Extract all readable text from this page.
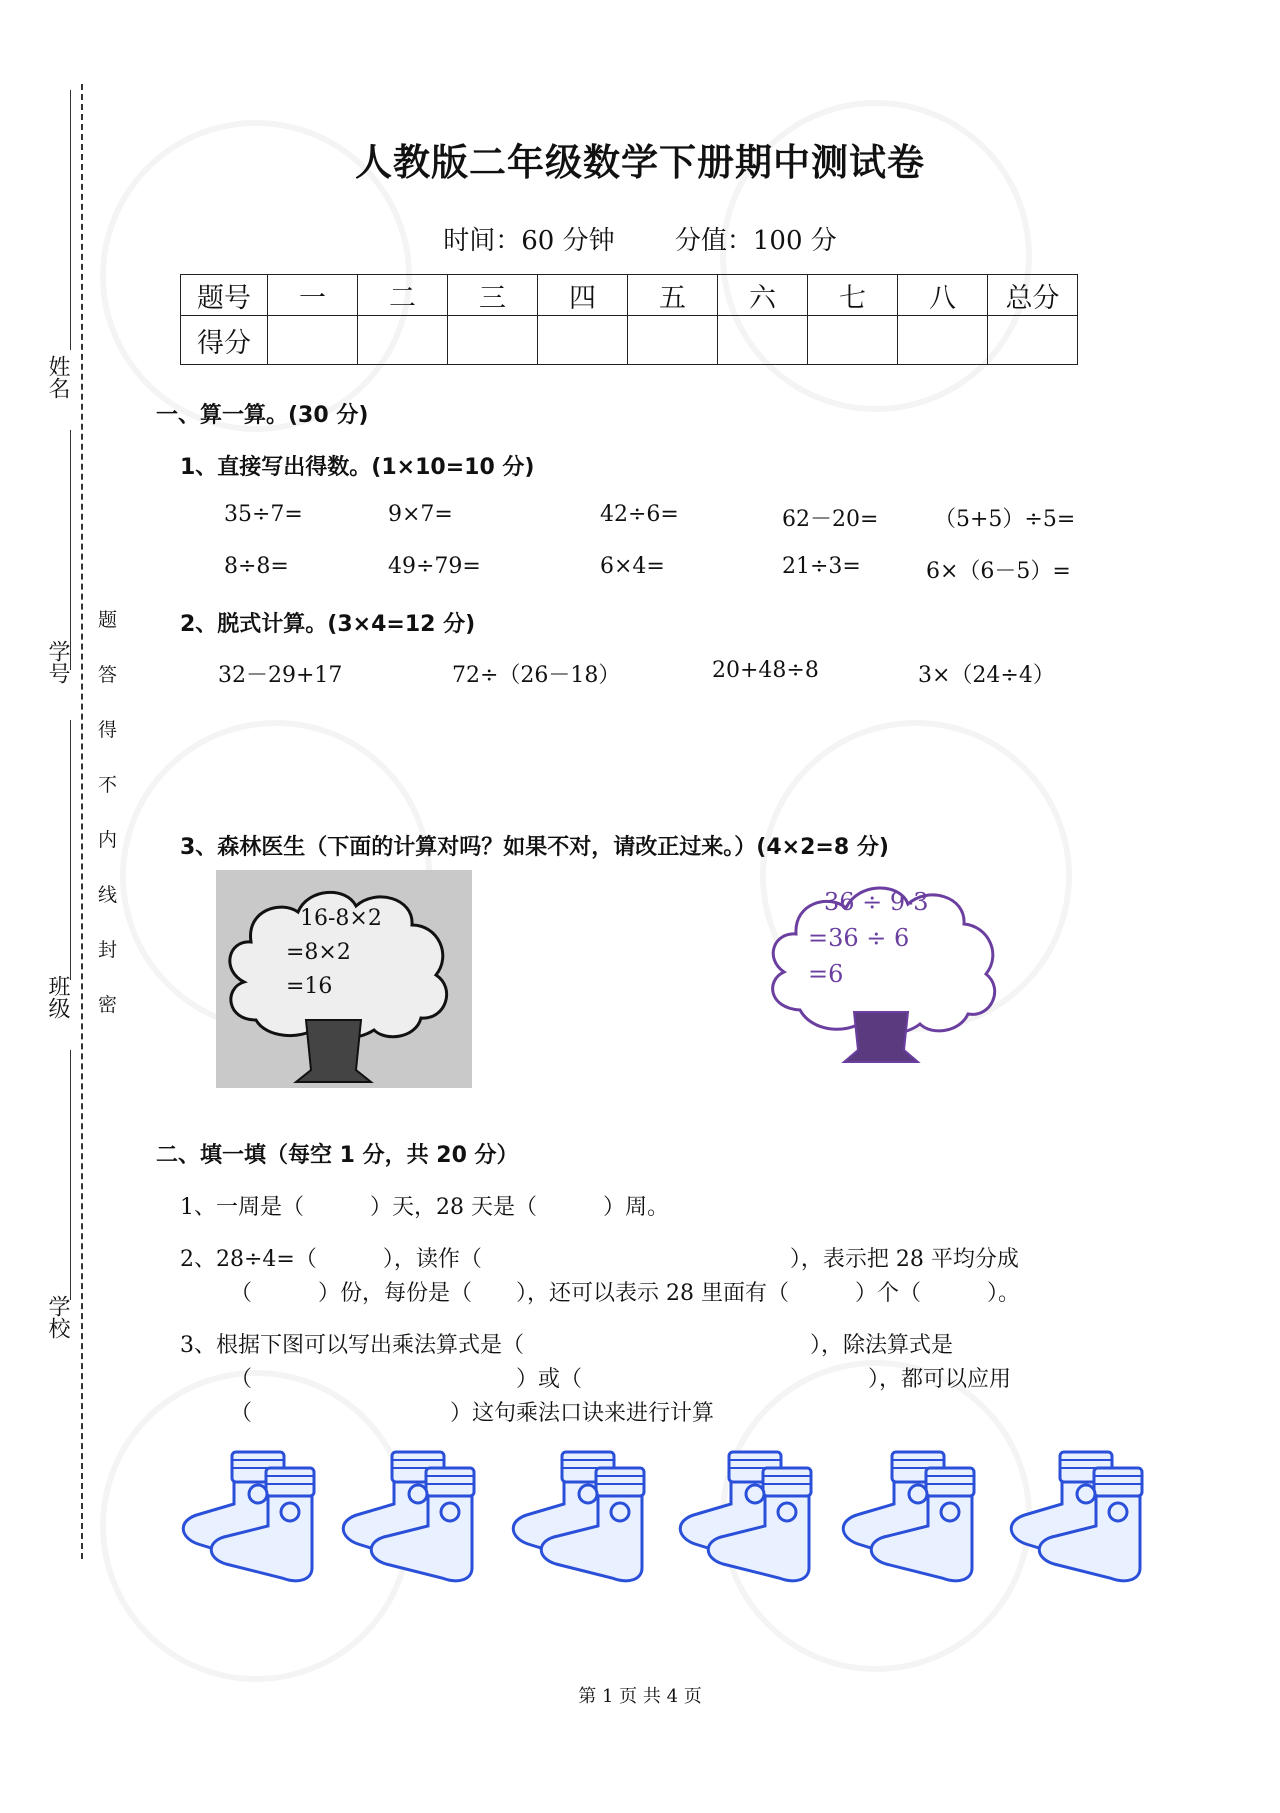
姓名
学号
班级
学校
密
封
线
内
不
得
答
题
人教版二年级数学下册期中测试卷
时间：60 分钟 分值：100 分
题号	一	二	三	四	五	六	七	八	总分
得分									
一、算一算。(30 分)
1、直接写出得数。(1×10=10 分)
35÷7=	9×7=	42÷6=	62－20=	（5+5）÷5=
8÷8=	49÷79=	6×4=	21÷3=	6×（6－5）=
2、脱式计算。(3×4=12 分)
32－29+17	72÷（26－18）	20+48÷8	3×（24÷4）
3、森林医生（下面的计算对吗？如果不对，请改正过来。）(4×2=8 分)
16-8×2
=8×2
=16
36 ÷ 9-3
=36 ÷ 6
=6
二、填一填（每空 1 分，共 20 分）
1、一周是（　　　）天，28 天是（　　　）周。
2、28÷4=（　　　），读作（　　　　　　　　　　　　　　），表示把 28 平均分成
（　　　）份，每份是（　　），还可以表示 28 里面有（　　　）个（　　　）。
3、根据下图可以写出乘法算式是（　　　　　　　　　　　　　），除法算式是
（　　　　　　　　　　　　）或（　　　　　　　　　　　　　），都可以应用
（　　　　　　　　　）这句乘法口诀来进行计算
第 1 页 共 4 页
